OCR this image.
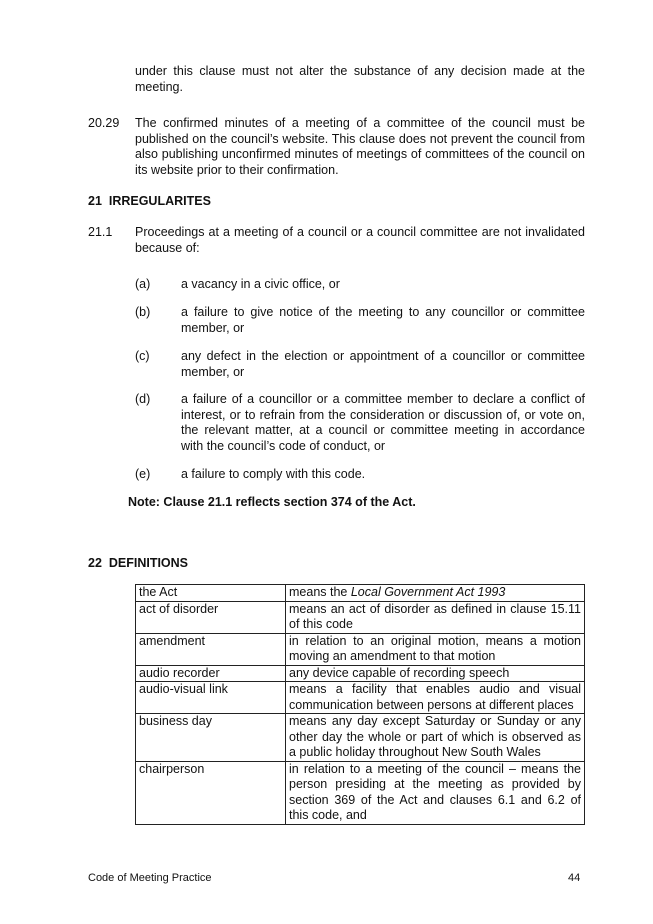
under this clause must not alter the substance of any decision made at the meeting.
20.29 The confirmed minutes of a meeting of a committee of the council must be published on the council’s website. This clause does not prevent the council from also publishing unconfirmed minutes of meetings of committees of the council on its website prior to their confirmation.
21  IRREGULARITES
21.1 Proceedings at a meeting of a council or a council committee are not invalidated because of:
(a) a vacancy in a civic office, or
(b) a failure to give notice of the meeting to any councillor or committee member, or
(c)	any defect in the election or appointment of a councillor or committee member, or
(d) a failure of a councillor or a committee member to declare a conflict of interest, or to refrain from the consideration or discussion of, or vote on, the relevant matter, at a council or committee meeting in accordance with the council’s code of conduct, or
(e) a failure to comply with this code.
Note: Clause 21.1 reflects section 374 of the Act.
22  DEFINITIONS
the Act	means the Local Government Act 1993
act of disorder	means an act of disorder as defined in clause 15.11 of this code
amendment	in relation to an original motion, means a motion moving an amendment to that motion
audio recorder	any device capable of recording speech
audio-visual link	means a facility that enables audio and visual communication between persons at different places
business day	means any day except Saturday or Sunday or any other day the whole or part of which is observed as a public holiday throughout New South Wales
chairperson	in relation to a meeting of the council – means the person presiding at the meeting as provided by section 369 of the Act and clauses 6.1 and 6.2 of this code, and
Code of Meeting Practice	44
